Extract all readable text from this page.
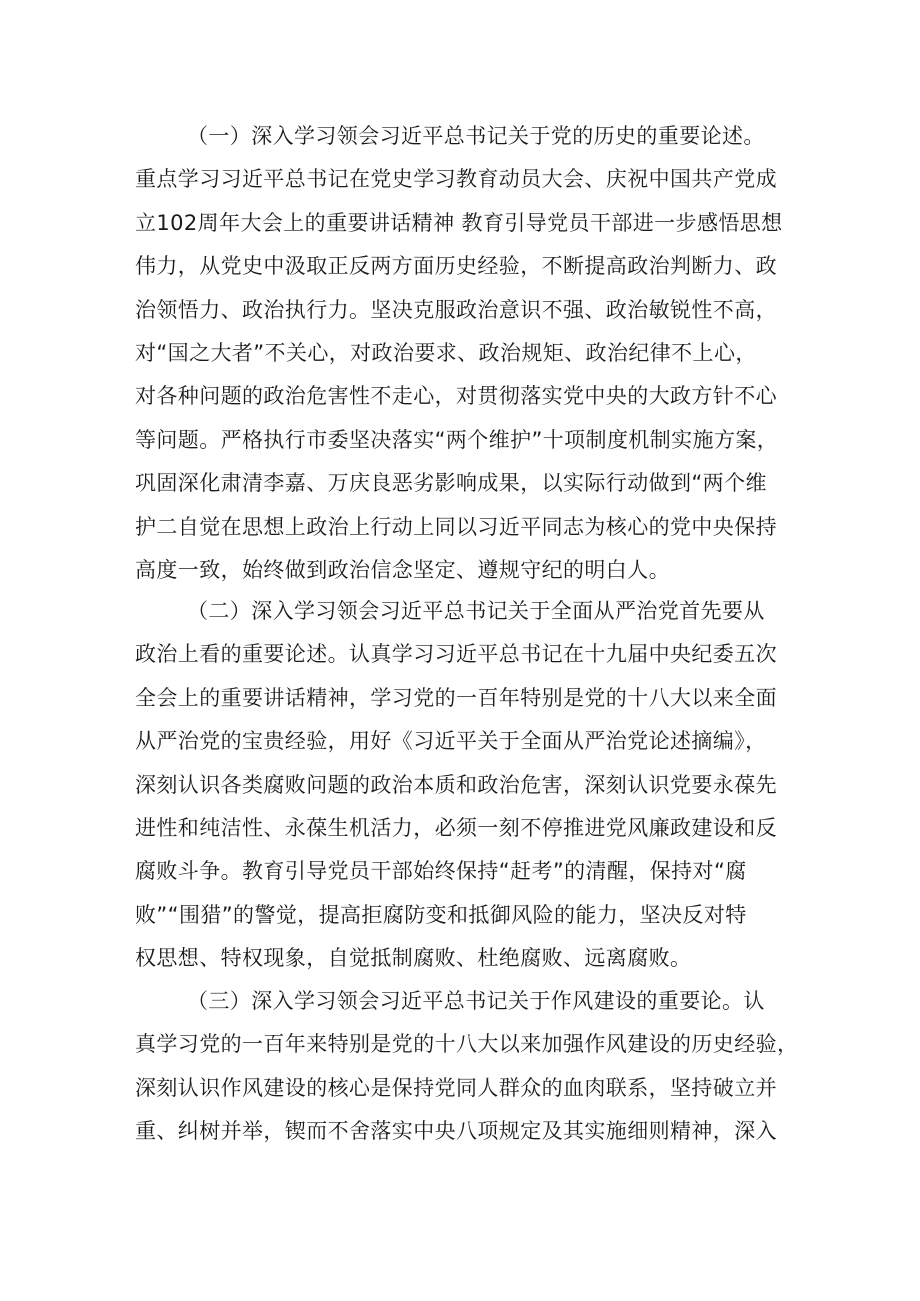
（一）深入学习领会习近平总书记关于党的历史的重要论述。
重点学习习近平总书记在党史学习教育动员大会、庆祝中国共产党成
立102周年大会上的重要讲话精神 教育引导党员干部进一步感悟思想
伟力，从党史中汲取正反两方面历史经验，不断提高政治判断力、政
治领悟力、政治执行力。坚决克服政治意识不强、政治敏锐性不高，
对“国之大者”不关心，对政治要求、政治规矩、政治纪律不上心，
对各种问题的政治危害性不走心，对贯彻落实党中央的大政方针不心
等问题。严格执行市委坚决落实“两个维护”十项制度机制实施方案，
巩固深化肃清李嘉、万庆良恶劣影响成果，以实际行动做到“两个维
护二自觉在思想上政治上行动上同以习近平同志为核心的党中央保持
高度一致，始终做到政治信念坚定、遵规守纪的明白人。
（二）深入学习领会习近平总书记关于全面从严治党首先要从
政治上看的重要论述。认真学习习近平总书记在十九届中央纪委五次
全会上的重要讲话精神，学习党的一百年特别是党的十八大以来全面
从严治党的宝贵经验，用好《习近平关于全面从严治党论述摘编》，
深刻认识各类腐败问题的政治本质和政治危害，深刻认识党要永葆先
进性和纯洁性、永葆生机活力，必须一刻不停推进党风廉政建设和反
腐败斗争。教育引导党员干部始终保持“赶考”的清醒，保持对“腐
败”“围猎”的警觉，提高拒腐防变和抵御风险的能力，坚决反对特
权思想、特权现象，自觉抵制腐败、杜绝腐败、远离腐败。
（三）深入学习领会习近平总书记关于作风建设的重要论。认
真学习党的一百年来特别是党的十八大以来加强作风建设的历史经验，
深刻认识作风建设的核心是保持党同人群众的血肉联系，坚持破立并
重、纠树并举，锲而不舍落实中央八项规定及其实施细则精神，深入
